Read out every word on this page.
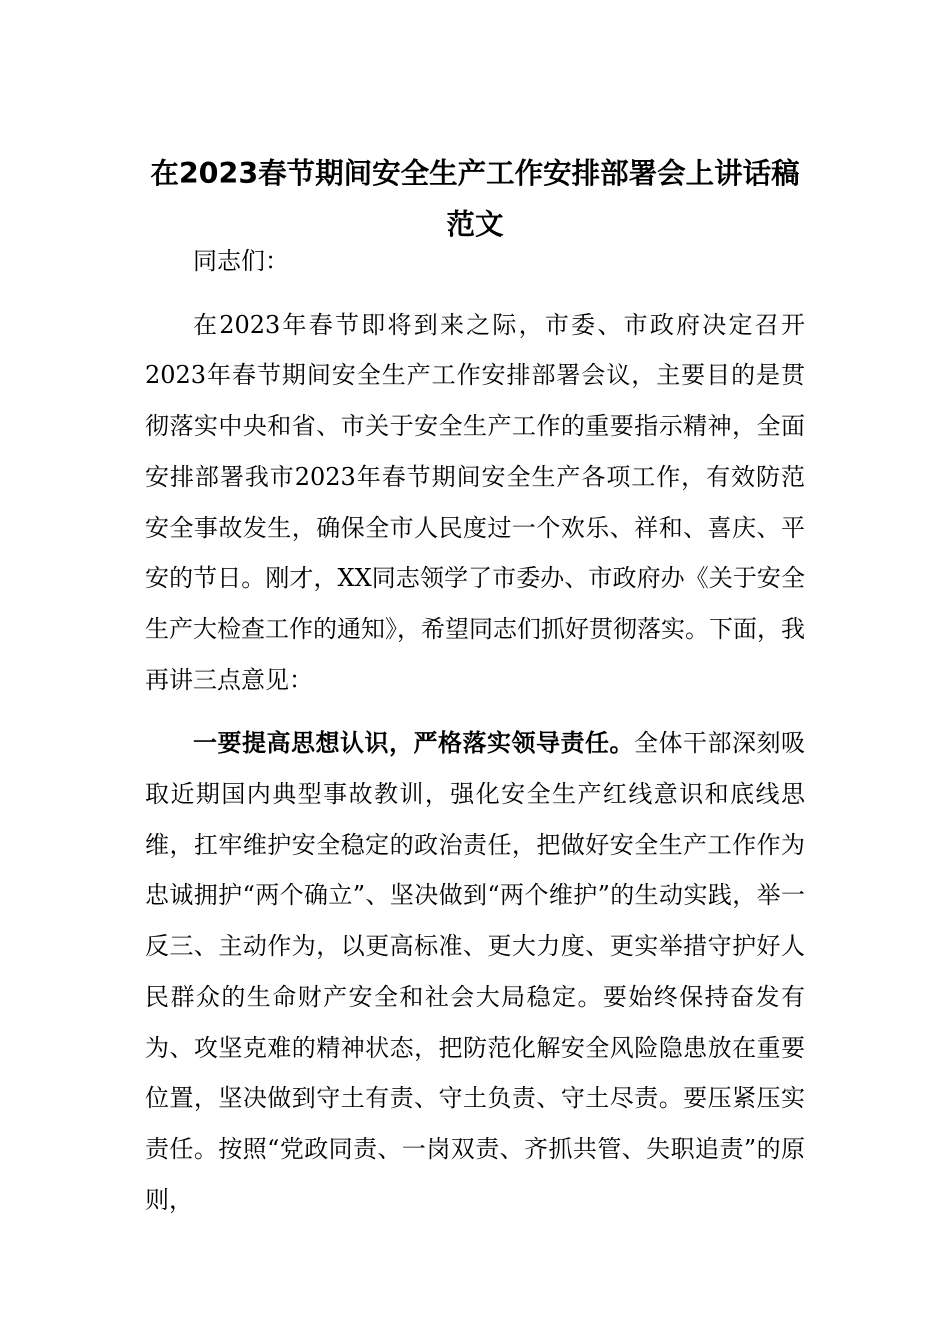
在2023春节期间安全生产工作安排部署会上讲话稿范文

同志们：

在2023年春节即将到来之际，市委、市政府决定召开2023年春节期间安全生产工作安排部署会议，主要目的是贯彻落实中央和省、市关于安全生产工作的重要指示精神，全面安排部署我市2023年春节期间安全生产各项工作，有效防范安全事故发生，确保全市人民度过一个欢乐、祥和、喜庆、平安的节日。刚才，XX同志领学了市委办、市政府办《关于安全生产大检查工作的通知》，希望同志们抓好贯彻落实。下面，我再讲三点意见：

一要提高思想认识，严格落实领导责任。全体干部深刻吸取近期国内典型事故教训，强化安全生产红线意识和底线思维，扛牢维护安全稳定的政治责任，把做好安全生产工作作为忠诚拥护“两个确立”、坚决做到“两个维护”的生动实践，举一反三、主动作为，以更高标准、更大力度、更实举措守护好人民群众的生命财产安全和社会大局稳定。要始终保持奋发有为、攻坚克难的精神状态，把防范化解安全风险隐患放在重要位置，坚决做到守土有责、守土负责、守土尽责。要压紧压实责任。按照“党政同责、一岗双责、齐抓共管、失职追责”的原则，
